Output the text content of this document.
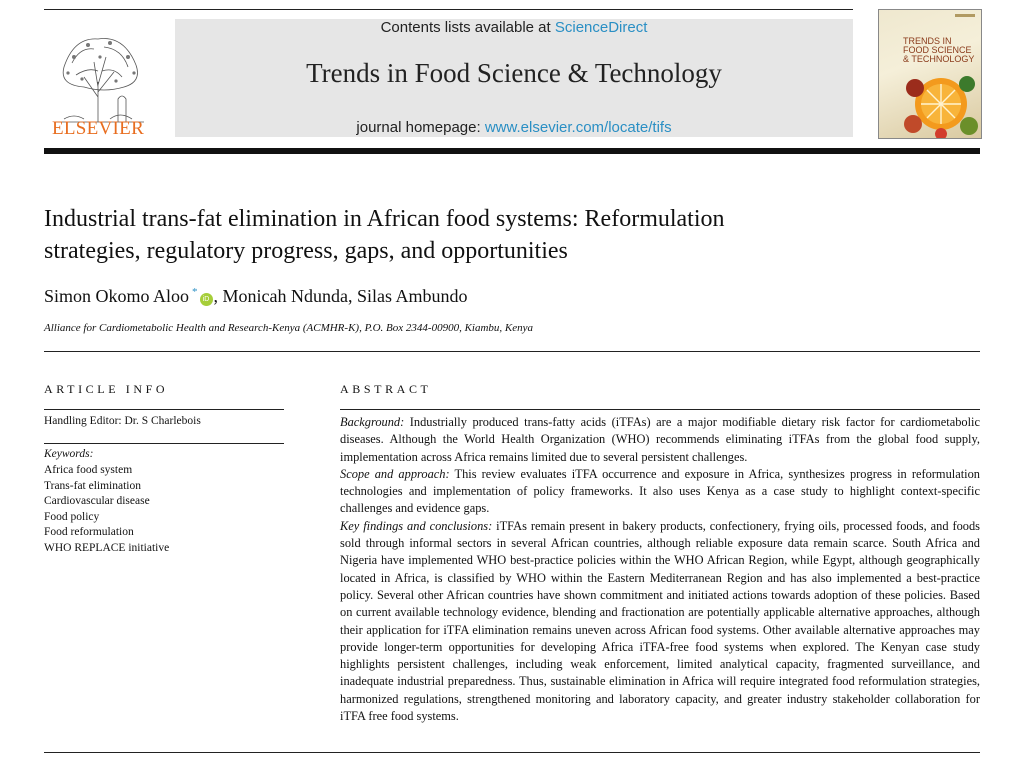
ELSEVIER
Contents lists available at ScienceDirect
Trends in Food Science & Technology
journal homepage: www.elsevier.com/locate/tifs
TRENDS IN
FOOD SCIENCE
& TECHNOLOGY
Industrial trans-fat elimination in African food systems: Reformulation
strategies, regulatory progress, gaps, and opportunities
Simon Okomo Aloo *iD , Monicah Ndunda, Silas Ambundo
Alliance for Cardiometabolic Health and Research-Kenya (ACMHR-K), P.O. Box 2344-00900, Kiambu, Kenya
ARTICLE INFO
Handling Editor: Dr. S Charlebois
Keywords:
Africa food system
Trans-fat elimination
Cardiovascular disease
Food policy
Food reformulation
WHO REPLACE initiative
ABSTRACT

Background: Industrially produced trans-fatty acids (iTFAs) are a major modifiable dietary risk factor for cardiometabolic diseases. Although the World Health Organization (WHO) recommends eliminating iTFAs from the global food supply, implementation across Africa remains limited due to several persistent challenges.

Scope and approach: This review evaluates iTFA occurrence and exposure in Africa, synthesizes progress in reformulation technologies and implementation of policy frameworks. It also uses Kenya as a case study to highlight context-specific challenges and evidence gaps.

Key findings and conclusions: iTFAs remain present in bakery products, confectionery, frying oils, processed foods, and foods sold through informal sectors in several African countries, although reliable exposure data remain scarce. South Africa and Nigeria have implemented WHO best-practice policies within the WHO African Region, while Egypt, although geographically located in Africa, is classified by WHO within the Eastern Mediterranean Region and has also implemented a best-practice policy. Several other African countries have shown commitment and initiated actions towards adoption of these policies. Based on current available technology evidence, blending and fractionation are potentially applicable alternative approaches, although their application for iTFA elimination remains uneven across African food systems. Other available alternative approaches may provide longer-term opportunities for developing Africa iTFA-free food systems when explored. The Kenyan case study highlights persistent challenges, including weak enforcement, limited analytical capacity, fragmented surveillance, and inadequate industrial preparedness. Thus, sustainable elimination in Africa will require integrated food reformulation strategies, harmonized regulations, strengthened monitoring and laboratory capacity, and greater industry stakeholder collaboration for iTFA free food systems.
